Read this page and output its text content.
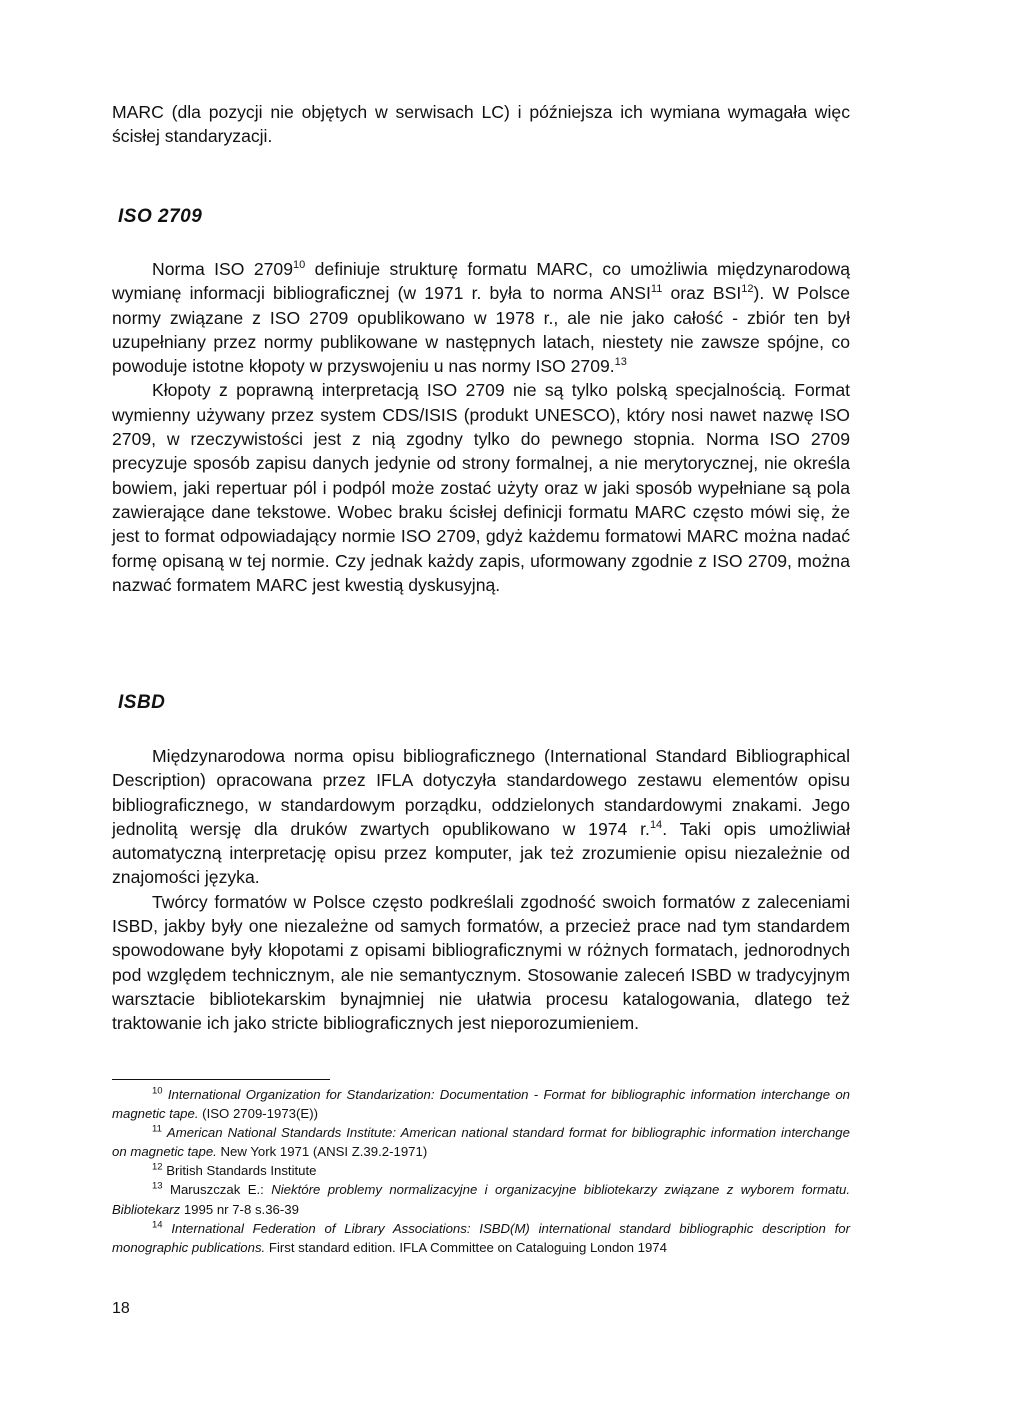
MARC (dla pozycji nie objętych w serwisach LC) i późniejsza ich wymiana wymagała więc ścisłej standaryzacji.

ISO 2709

Norma ISO 2709$^{10}$ definiuje strukturę formatu MARC, co umożliwia międzynarodową wymianę informacji bibliograficznej (w 1971 r. była to norma ANSI$^{11}$ oraz BSI$^{12}$). W Polsce normy związane z ISO 2709 opublikowano w 1978 r., ale nie jako całość - zbiór ten był uzupełniany przez normy publikowane w następnych latach, niestety nie zawsze spójne, co powoduje istotne kłopoty w przyswojeniu u nas normy ISO 2709.13

Kłopoty z poprawną interpretacją ISO 2709 nie są tylko polską specjalnością. Format wymienny używany przez system CDS/ISIS (produkt UNESCO), który nosi nawet nazwę ISO 2709, w rzeczywistości jest z nią zgodny tylko do pewnego stopnia. Norma ISO 2709 precyzuje sposób zapisu danych jedynie od strony formalnej, a nie merytorycznej, nie określa bowiem, jaki repertuar pól i podpól może zostać użyty oraz w jaki sposób wypełniane są pola zawierające dane tekstowe. Wobec braku ścisłej definicji formatu MARC często mówi się, że jest to format odpowiadający normie ISO 2709, gdyż każdemu formatowi MARC można nadać formę opisaną w tej normie. Czy jednak każdy zapis, uformowany zgodnie z ISO 2709, można nazwać formatem MARC jest kwestią dyskusyjną.

ISBD

Międzynarodowa norma opisu bibliograficznego (International Standard Bibliographical Description) opracowana przez IFLA dotyczyła standardowego zestawu elementów opisu bibliograficznego, w standardowym porządku, oddzielonych standardowymi znakami. Jego jednolitą wersję dla druków zwartych opublikowano w 1974 r.$^{14}$. Taki opis umożliwiał automatyczną interpretację opisu przez komputer, jak też zrozumienie opisu niezależnie od znajomości języka.

Twórcy formatów w Polsce często podkreślali zgodność swoich formatów z zaleceniami ISBD, jakby były one niezależne od samych formatów, a przecież prace nad tym standardem spowodowane były kłopotami z opisami bibliograficznymi w różnych formatach, jednorodnych pod względem technicznym, ale nie semantycznym. Stosowanie zaleceń ISBD w tradycyjnym warsztacie bibliotekarskim bynajmniej nie ułatwia procesu katalogowania, dlatego też traktowanie ich jako stricte bibliograficznych jest nieporozumieniem.

$^{10}$ International Organization for Standarization: Documentation - Format for bibliographic information interchange on magnetic tape. (ISO 2709-1973(E))

$^{11}$ American National Standards Institute: American national standard format for bibliographic information interchange on magnetic tape. New York 1971 (ANSI Z.39.2-1971)

$^{12}$ British Standards Institute

$^{13}$ Maruszczak E.: Niektóre problemy normalizacyjne i organizacyjne bibliotekarzy związane z wyborem formatu. Bibliotekarz 1995 nr 7-8 s.36-39

$^{14}$ International Federation of Library Associations: ISBD(M) international standard bibliographic description for monographic publications. First standard edition. IFLA Committee on Cataloguing London 1974

18
